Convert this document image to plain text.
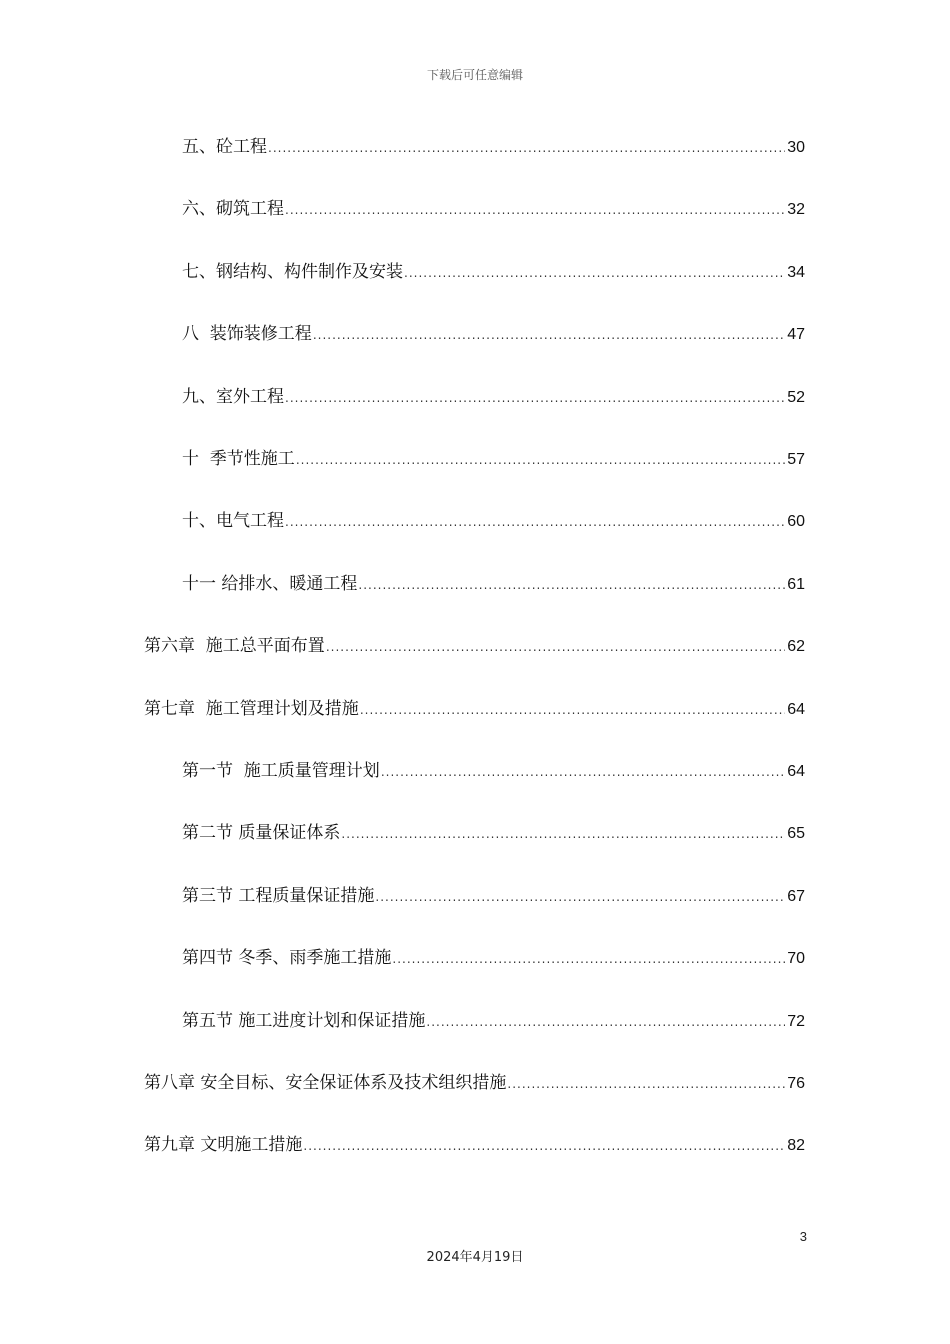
下载后可任意编辑
五、砼工程 .....	30
六、砌筑工程 .....	32
七、钢结构、构件制作及安装 .....	34
八  装饰装修工程 .....	47
九、室外工程 .....	52
十  季节性施工 .....	57
十、电气工程 .....	60
十一 给排水、暖通工程 .....	61
第六章  施工总平面布置 .....	62
第七章  施工管理计划及措施 .....	64
第一节  施工质量管理计划 .....	64
第二节 质量保证体系 .....	65
第三节 工程质量保证措施 .....	67
第四节 冬季、雨季施工措施 .....	70
第五节 施工进度计划和保证措施 .....	72
第八章 安全目标、安全保证体系及技术组织措施 .....	76
第九章 文明施工措施 .....	82
3
2024年4月19日
